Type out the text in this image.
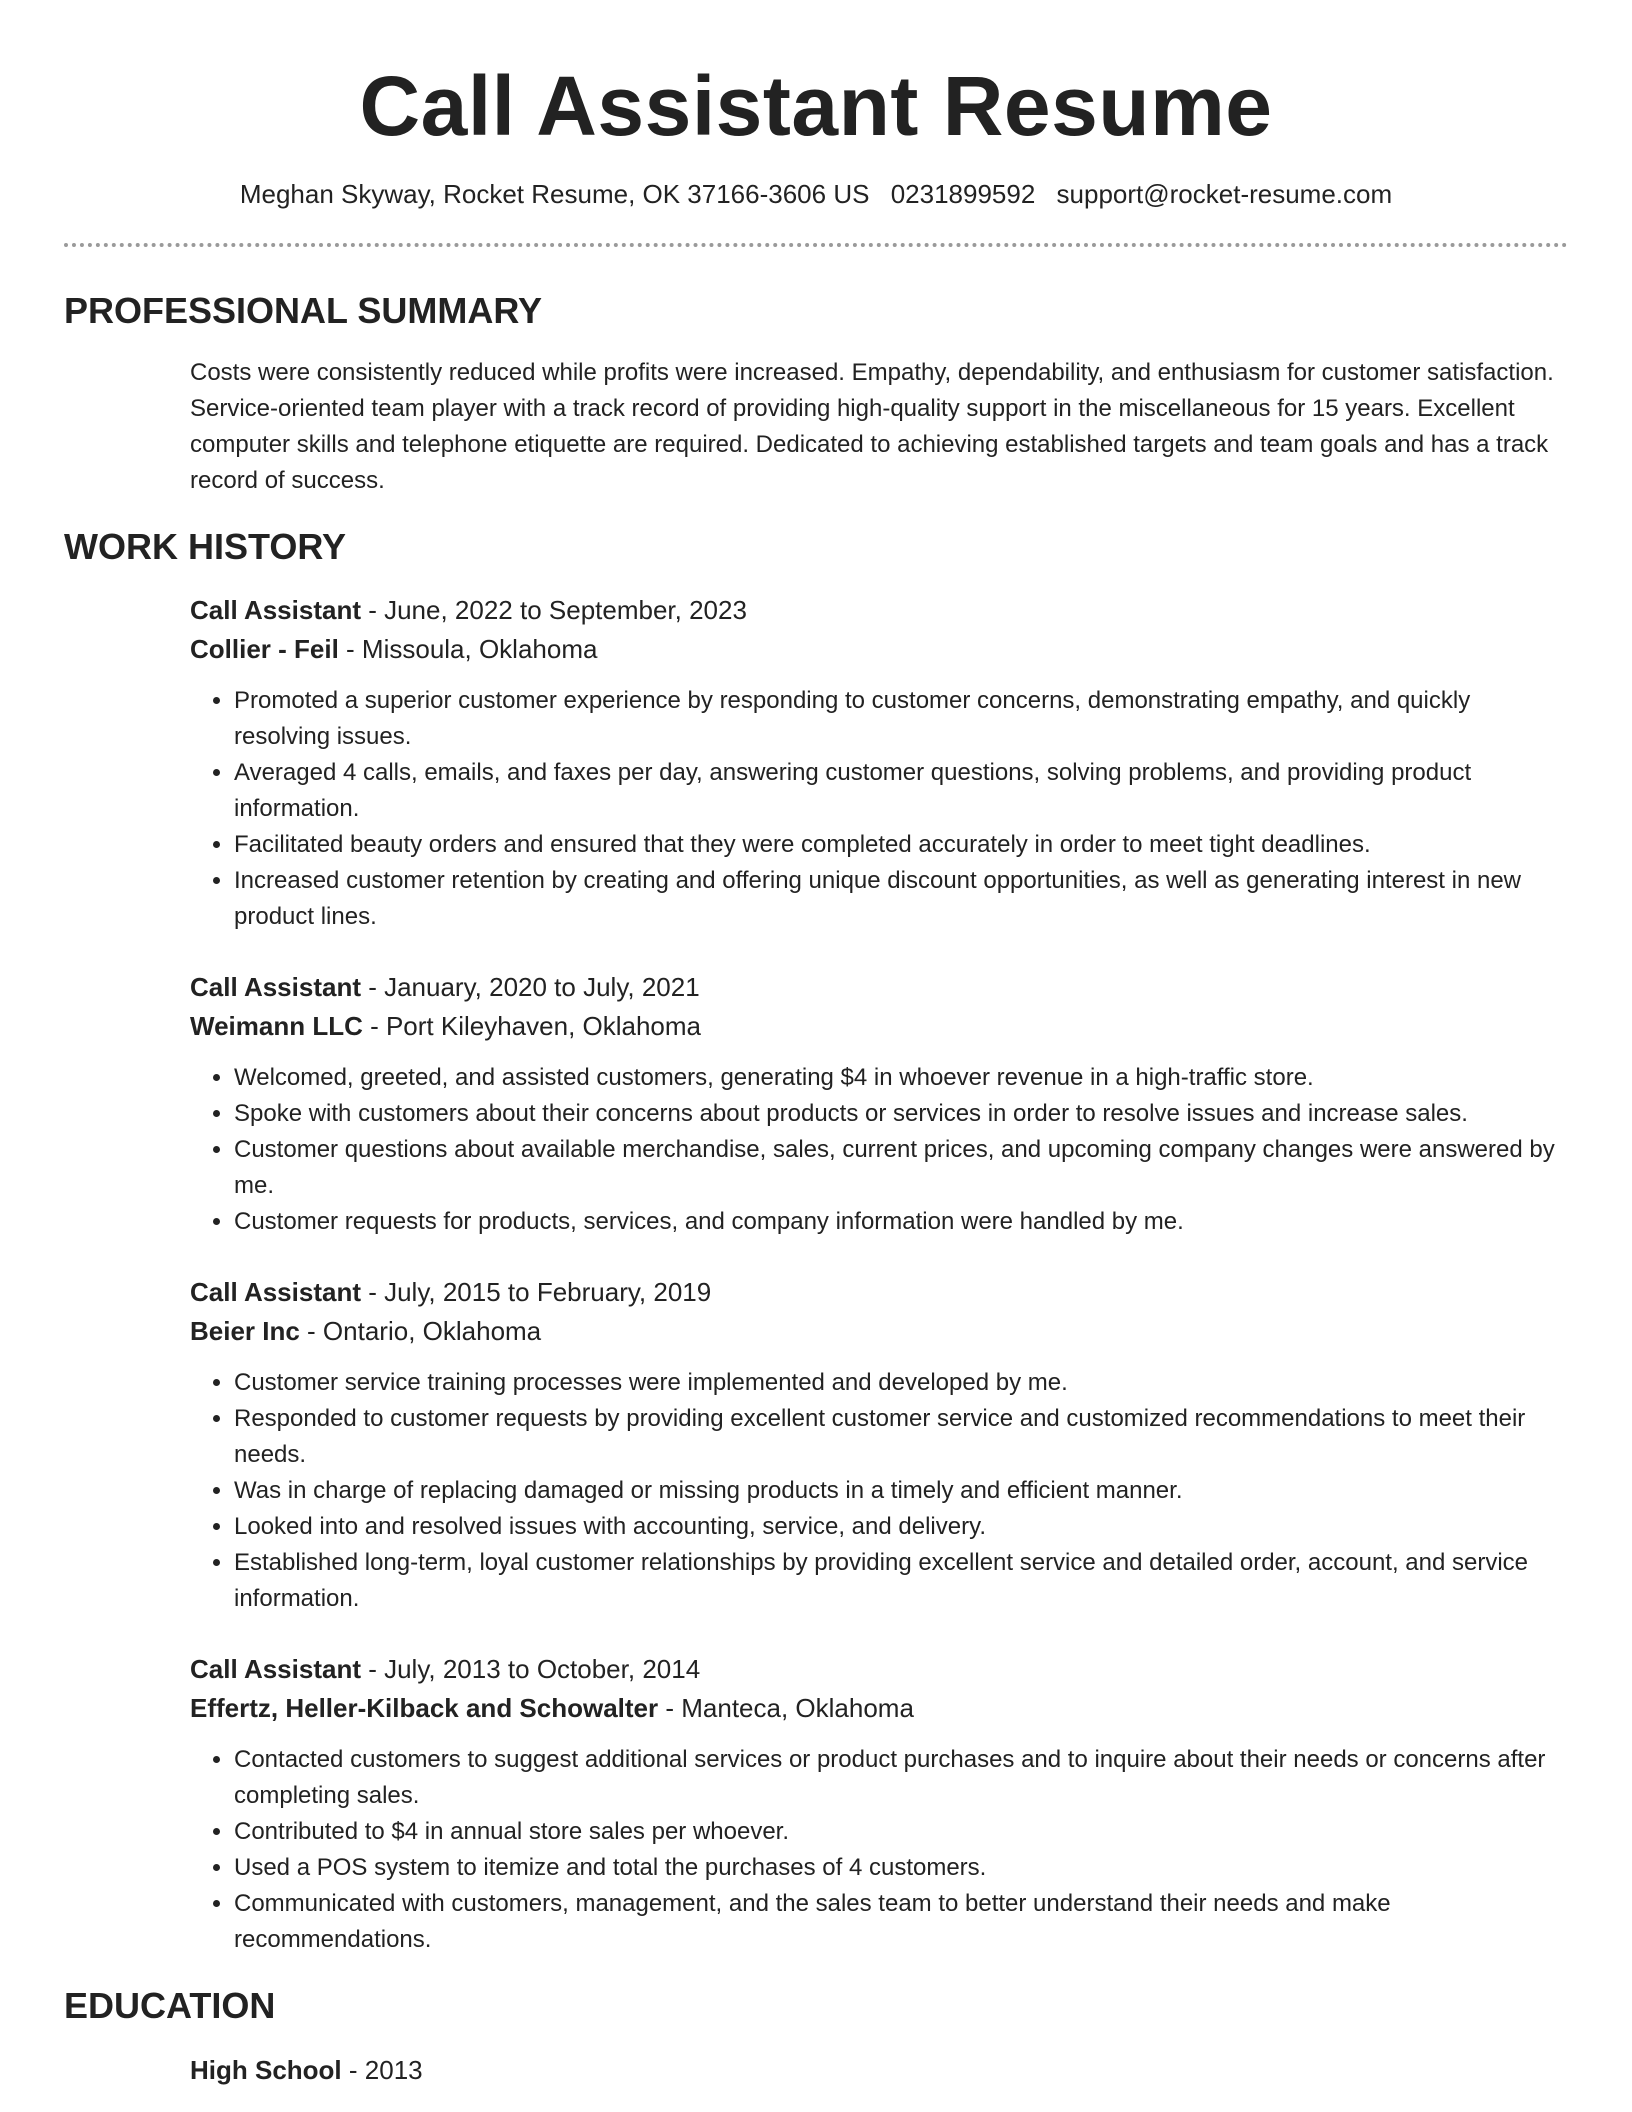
Call Assistant Resume
Meghan Skyway, Rocket Resume, OK 37166-3606 US 0231899592 support@rocket-resume.com
PROFESSIONAL SUMMARY

Costs were consistently reduced while profits were increased. Empathy, dependability, and enthusiasm for customer satisfaction. Service-oriented team player with a track record of providing high-quality support in the miscellaneous for 15 years. Excellent computer skills and telephone etiquette are required. Dedicated to achieving established targets and team goals and has a track record of success.

WORK HISTORY
Call Assistant - June, 2022 to September, 2023
Collier - Feil - Missoula, Oklahoma
• Promoted a superior customer experience by responding to customer concerns, demonstrating empathy, and quickly resolving issues.
• Averaged 4 calls, emails, and faxes per day, answering customer questions, solving problems, and providing product information.
• Facilitated beauty orders and ensured that they were completed accurately in order to meet tight deadlines.
• Increased customer retention by creating and offering unique discount opportunities, as well as generating interest in new product lines.
Call Assistant - January, 2020 to July, 2021
Weimann LLC - Port Kileyhaven, Oklahoma
• Welcomed, greeted, and assisted customers, generating $4 in whoever revenue in a high-traffic store.
• Spoke with customers about their concerns about products or services in order to resolve issues and increase sales.
• Customer questions about available merchandise, sales, current prices, and upcoming company changes were answered by me.
• Customer requests for products, services, and company information were handled by me.
Call Assistant - July, 2015 to February, 2019
Beier Inc - Ontario, Oklahoma
• Customer service training processes were implemented and developed by me.
• Responded to customer requests by providing excellent customer service and customized recommendations to meet their needs.
• Was in charge of replacing damaged or missing products in a timely and efficient manner.
• Looked into and resolved issues with accounting, service, and delivery.
• Established long-term, loyal customer relationships by providing excellent service and detailed order, account, and service information.
Call Assistant - July, 2013 to October, 2014
Effertz, Heller-Kilback and Schowalter - Manteca, Oklahoma
• Contacted customers to suggest additional services or product purchases and to inquire about their needs or concerns after completing sales.
• Contributed to $4 in annual store sales per whoever.
• Used a POS system to itemize and total the purchases of 4 customers.
• Communicated with customers, management, and the sales team to better understand their needs and make recommendations.
EDUCATION
High School - 2013
